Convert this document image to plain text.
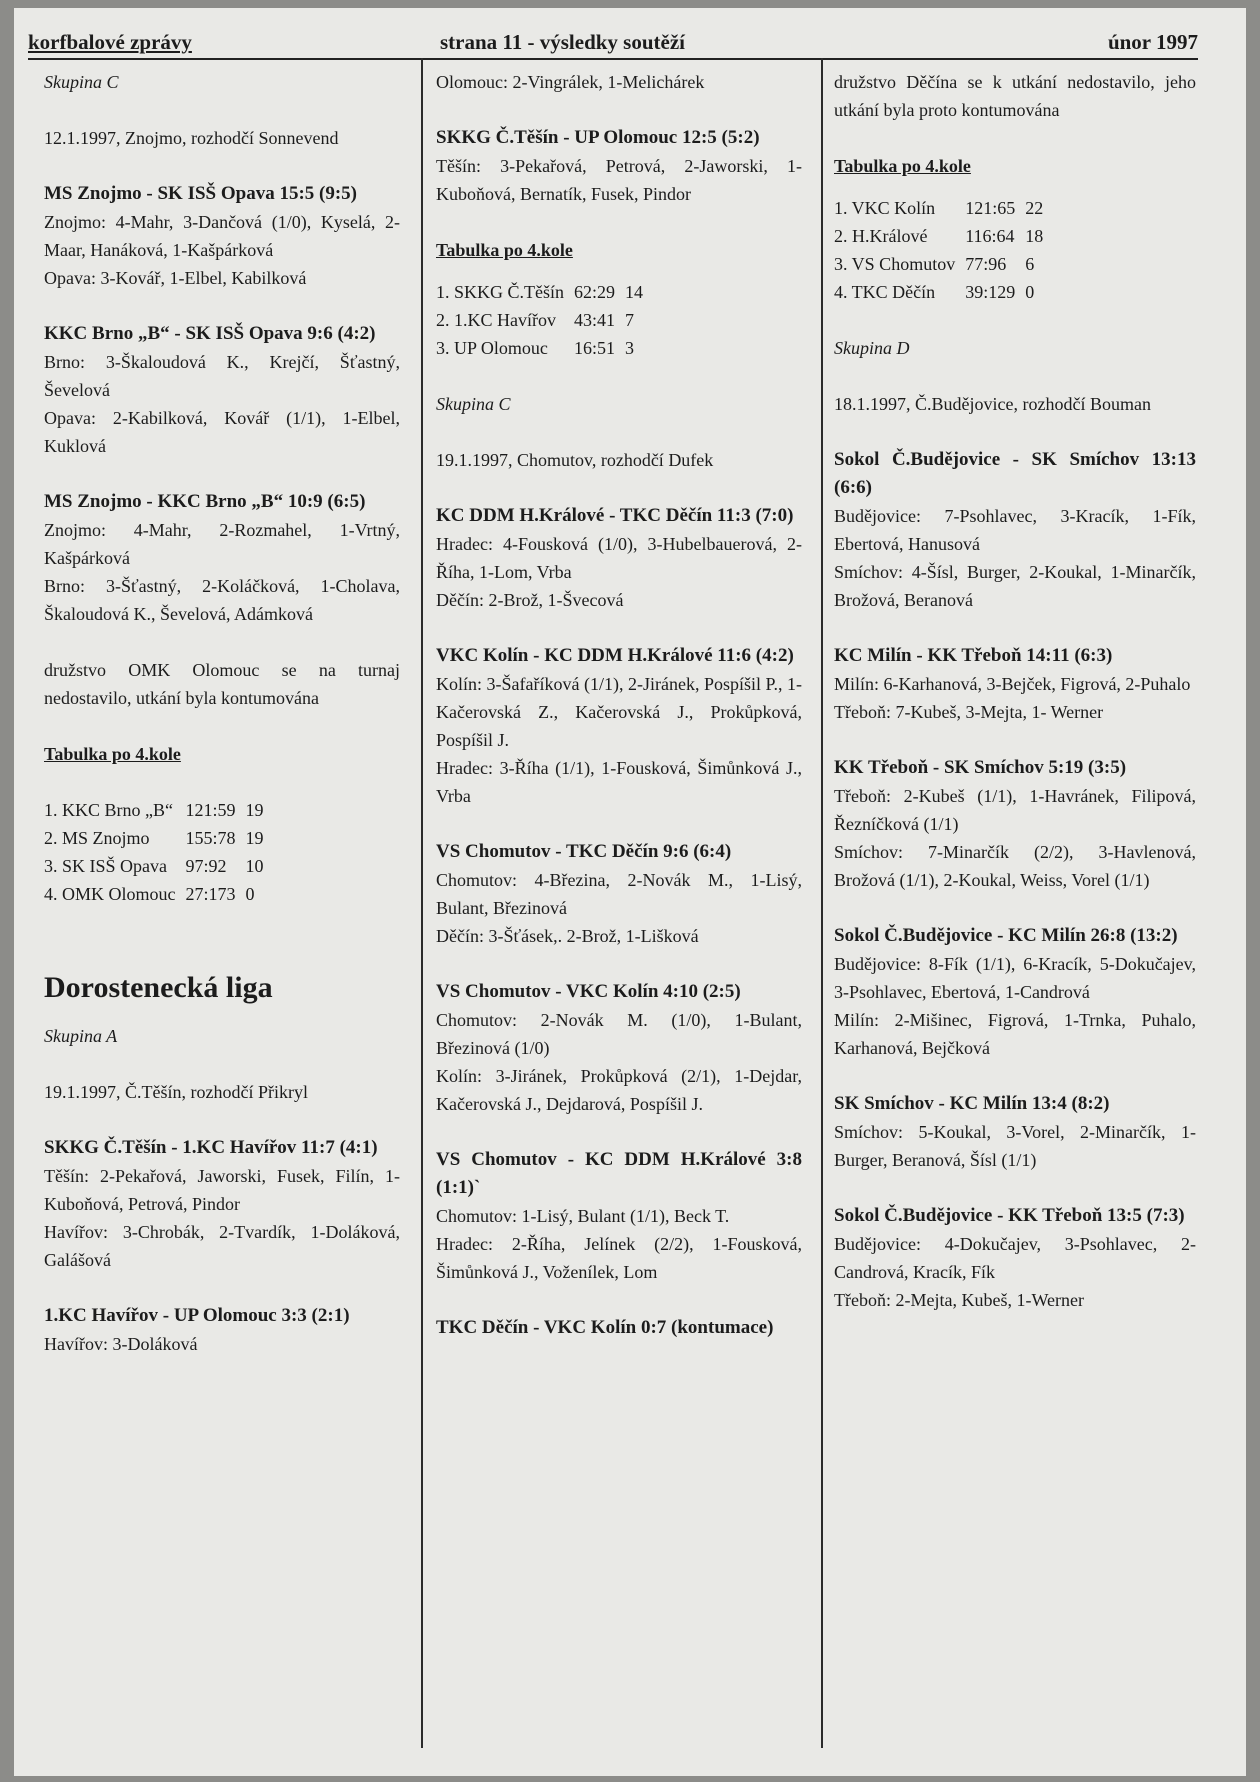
korfbalové zprávy	strana 11 - výsledky soutěží	únor 1997

Skupina C

12.1.1997, Znojmo, rozhodčí Sonnevend

MS Znojmo - SK ISŠ Opava 15:5 (9:5)

Znojmo: 4-Mahr, 3-Dančová (1/0), Kyselá, 2-Maar, Hanáková, 1-Kašpárková

Opava: 3-Kovář, 1-Elbel, Kabilková

KKC Brno „B“ - SK ISŠ Opava 9:6 (4:2)

Brno: 3-Škaloudová K., Krejčí, Šťastný, Ševelová

Opava: 2-Kabilková, Kovář (1/1), 1-Elbel, Kuklová

MS Znojmo - KKC Brno „B“ 10:9 (6:5)

Znojmo: 4-Mahr, 2-Rozmahel, 1-Vrtný, Kašpárková

Brno: 3-Šťastný, 2-Koláčková, 1-Cholava, Škaloudová K., Ševelová, Adámková

družstvo OMK Olomouc se na turnaj nedostavilo, utkání byla kontumována

Tabulka po 4.kole

1. KKC Brno „B“	121:59	19
2. MS Znojmo	155:78	19
3. SK ISŠ Opava	97:92	10
4. OMK Olomouc	27:173	0

Dorostenecká liga

Skupina A

19.1.1997, Č.Těšín, rozhodčí Přikryl

SKKG Č.Těšín - 1.KC Havířov 11:7 (4:1)

Těšín: 2-Pekařová, Jaworski, Fusek, Filín, 1-Kuboňová, Petrová, Pindor

Havířov: 3-Chrobák, 2-Tvardík, 1-Doláková, Galášová

1.KC Havířov - UP Olomouc 3:3 (2:1)

Havířov: 3-Doláková

Olomouc: 2-Vingrálek, 1-Melichárek

SKKG Č.Těšín - UP Olomouc 12:5 (5:2)

Těšín: 3-Pekařová, Petrová, 2-Jaworski, 1-Kuboňová, Bernatík, Fusek, Pindor

Tabulka po 4.kole

1. SKKG Č.Těšín	62:29	14
2. 1.KC Havířov	43:41	7
3. UP Olomouc	16:51	3

Skupina C

19.1.1997, Chomutov, rozhodčí Dufek

KC DDM H.Králové - TKC Děčín 11:3 (7:0)

Hradec: 4-Fousková (1/0), 3-Hubelbauerová, 2-Říha, 1-Lom, Vrba

Děčín: 2-Brož, 1-Švecová

VKC Kolín - KC DDM H.Králové 11:6 (4:2)

Kolín: 3-Šafaříková (1/1), 2-Jiránek, Pospíšil P., 1-Kačerovská Z., Kačerovská J., Prokůpková, Pospíšil J.

Hradec: 3-Říha (1/1), 1-Fousková, Šimůnková J., Vrba

VS Chomutov - TKC Děčín 9:6 (6:4)

Chomutov: 4-Březina, 2-Novák M., 1-Lisý, Bulant, Březinová

Děčín: 3-Šťásek,. 2-Brož, 1-Lišková

VS Chomutov - VKC Kolín 4:10 (2:5)

Chomutov: 2-Novák M. (1/0), 1-Bulant, Březinová (1/0)

Kolín: 3-Jiránek, Prokůpková (2/1), 1-Dejdar, Kačerovská J., Dejdarová, Pospíšil J.

VS Chomutov - KC DDM H.Králové 3:8 (1:1)`

Chomutov: 1-Lisý, Bulant (1/1), Beck T.

Hradec: 2-Říha, Jelínek (2/2), 1-Fousková, Šimůnková J., Voženílek, Lom

TKC Děčín - VKC Kolín 0:7 (kontumace)

družstvo Děčína se k utkání nedostavilo, jeho utkání byla proto kontumována

Tabulka po 4.kole

1. VKC Kolín	121:65	22
2. H.Králové	116:64	18
3. VS Chomutov	77:96	6
4. TKC Děčín	39:129	0

Skupina D

18.1.1997, Č.Budějovice, rozhodčí Bouman

Sokol Č.Budějovice - SK Smíchov 13:13 (6:6)

Budějovice: 7-Psohlavec, 3-Kracík, 1-Fík, Ebertová, Hanusová

Smíchov: 4-Šísl, Burger, 2-Koukal, 1-Minarčík, Brožová, Beranová

KC Milín - KK Třeboň 14:11 (6:3)

Milín: 6-Karhanová, 3-Bejček, Figrová, 2-Puhalo

Třeboň: 7-Kubeš, 3-Mejta, 1- Werner

KK Třeboň - SK Smíchov 5:19 (3:5)

Třeboň: 2-Kubeš (1/1), 1-Havránek, Filipová, Řezníčková (1/1)

Smíchov: 7-Minarčík (2/2), 3-Havlenová, Brožová (1/1), 2-Koukal, Weiss, Vorel (1/1)

Sokol Č.Budějovice - KC Milín 26:8 (13:2)

Budějovice: 8-Fík (1/1), 6-Kracík, 5-Dokučajev, 3-Psohlavec, Ebertová, 1-Candrová

Milín: 2-Mišinec, Figrová, 1-Trnka, Puhalo, Karhanová, Bejčková

SK Smíchov - KC Milín 13:4 (8:2)

Smíchov: 5-Koukal, 3-Vorel, 2-Minarčík, 1-Burger, Beranová, Šísl (1/1)

Sokol Č.Budějovice - KK Třeboň 13:5 (7:3)

Budějovice: 4-Dokučajev, 3-Psohlavec, 2-Candrová, Kracík, Fík

Třeboň: 2-Mejta, Kubeš, 1-Werner
